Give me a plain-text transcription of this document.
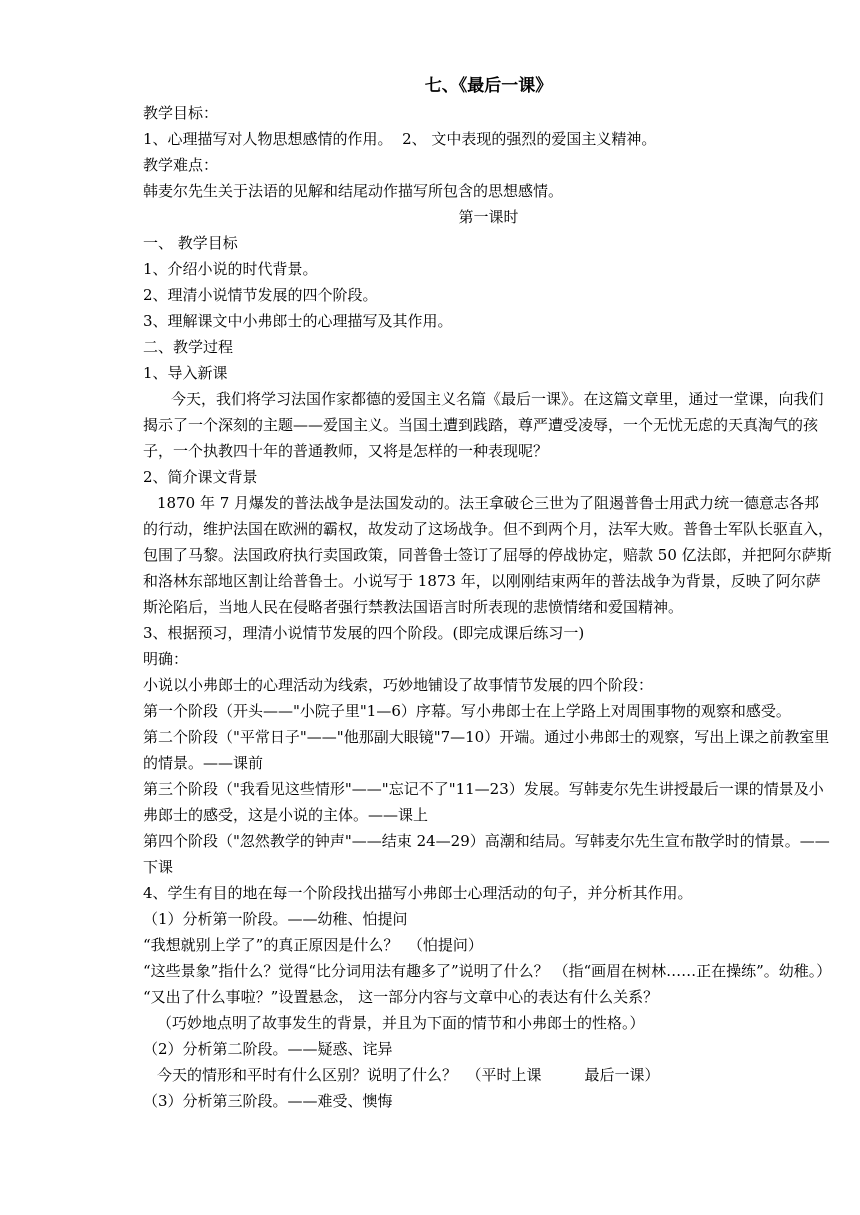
七、《最后一课》

教学目标：

1、心理描写对人物思想感情的作用。  2、 文中表现的强烈的爱国主义精神。

教学难点：

韩麦尔先生关于法语的见解和结尾动作描写所包含的思想感情。

第一课时

一、 教学目标

1、介绍小说的时代背景。

2、理清小说情节发展的四个阶段。

3、理解课文中小弗郎士的心理描写及其作用。

二、教学过程

1、导入新课

今天，我们将学习法国作家都德的爱国主义名篇《最后一课》。在这篇文章里，通过一堂课，向我们揭示了一个深刻的主题——爱国主义。当国土遭到践踏，尊严遭受凌辱，一个无忧无虑的天真淘气的孩子，一个执教四十年的普通教师，又将是怎样的一种表现呢？

2、简介课文背景

1870 年 7 月爆发的普法战争是法国发动的。法王拿破仑三世为了阻遏普鲁士用武力统一德意志各邦的行动，维护法国在欧洲的霸权，故发动了这场战争。但不到两个月，法军大败。普鲁士军队长驱直入，包围了马黎。法国政府执行卖国政策，同普鲁士签订了屈辱的停战协定，赔款 50 亿法郎，并把阿尔萨斯和洛林东部地区割让给普鲁士。小说写于 1873 年，以刚刚结束两年的普法战争为背景，反映了阿尔萨斯沦陷后，当地人民在侵略者强行禁教法国语言时所表现的悲愤情绪和爱国精神。

3、根据预习，理清小说情节发展的四个阶段。(即完成课后练习一)

明确：

小说以小弗郎士的心理活动为线索，巧妙地铺设了故事情节发展的四个阶段：

第一个阶段（开头——"小院子里"1—6）序幕。写小弗郎士在上学路上对周围事物的观察和感受。

第二个阶段（"平常日子"——"他那副大眼镜"7—10）开端。通过小弗郎士的观察，写出上课之前教室里的情景。——课前

第三个阶段（"我看见这些情形"——"忘记不了"11—23）发展。写韩麦尔先生讲授最后一课的情景及小弗郎士的感受，这是小说的主体。——课上

第四个阶段（"忽然教学的钟声"——结束 24—29）高潮和结局。写韩麦尔先生宣布散学时的情景。——下课

4、学生有目的地在每一个阶段找出描写小弗郎士心理活动的句子，并分析其作用。

（1）分析第一阶段。——幼稚、怕提问

“我想就别上学了”的真正原因是什么？  （怕提问）

“这些景象”指什么？觉得“比分词用法有趣多了”说明了什么？ （指“画眉在树林……正在操练”。幼稚。）

“又出了什么事啦？”设置悬念， 这一部分内容与文章中心的表达有什么关系？

（巧妙地点明了故事发生的背景，并且为下面的情节和小弗郎士的性格。）

（2）分析第二阶段。——疑惑、诧异

今天的情形和平时有什么区别？说明了什么？  （平时上课         最后一课）

（3）分析第三阶段。——难受、懊悔
